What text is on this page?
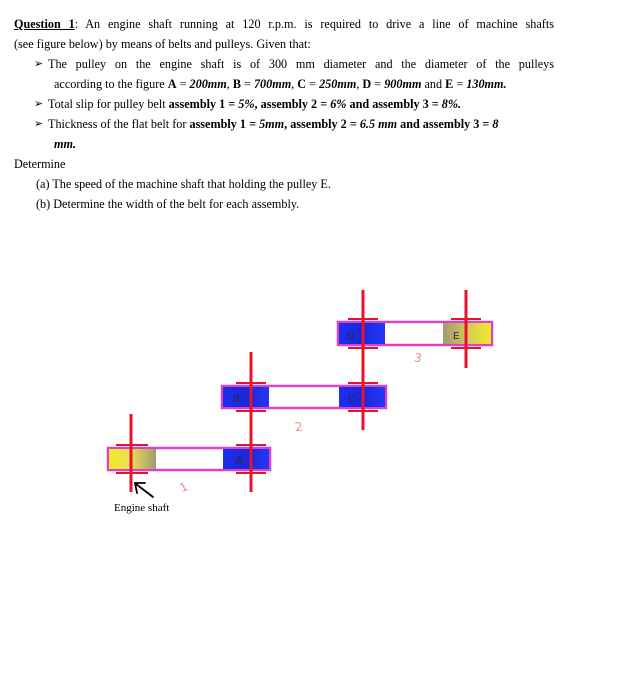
Question 1: An engine shaft running at 120 r.p.m. is required to drive a line of machine shafts
(see figure below) by means of belts and pulleys. Given that:
➢ The pulley on the engine shaft is of 300 mm diameter and the diameter of the pulleys
according to the figure A = 200mm, B = 700mm, C = 250mm, D = 900mm and E = 130mm.
➢ Total slip for pulley belt assembly 1 = 5%, assembly 2 = 6% and assembly 3 = 8%.
➢ Thickness of the flat belt for assembly 1 = 5mm, assembly 2 = 6.5 mm and assembly 3 = 8
mm.
Determine
(a) The speed of the machine shaft that holding the pulley E.
(b) Determine the width of the belt for each assembly.
A
B	C
D	E
1
2
3
Engine shaft
